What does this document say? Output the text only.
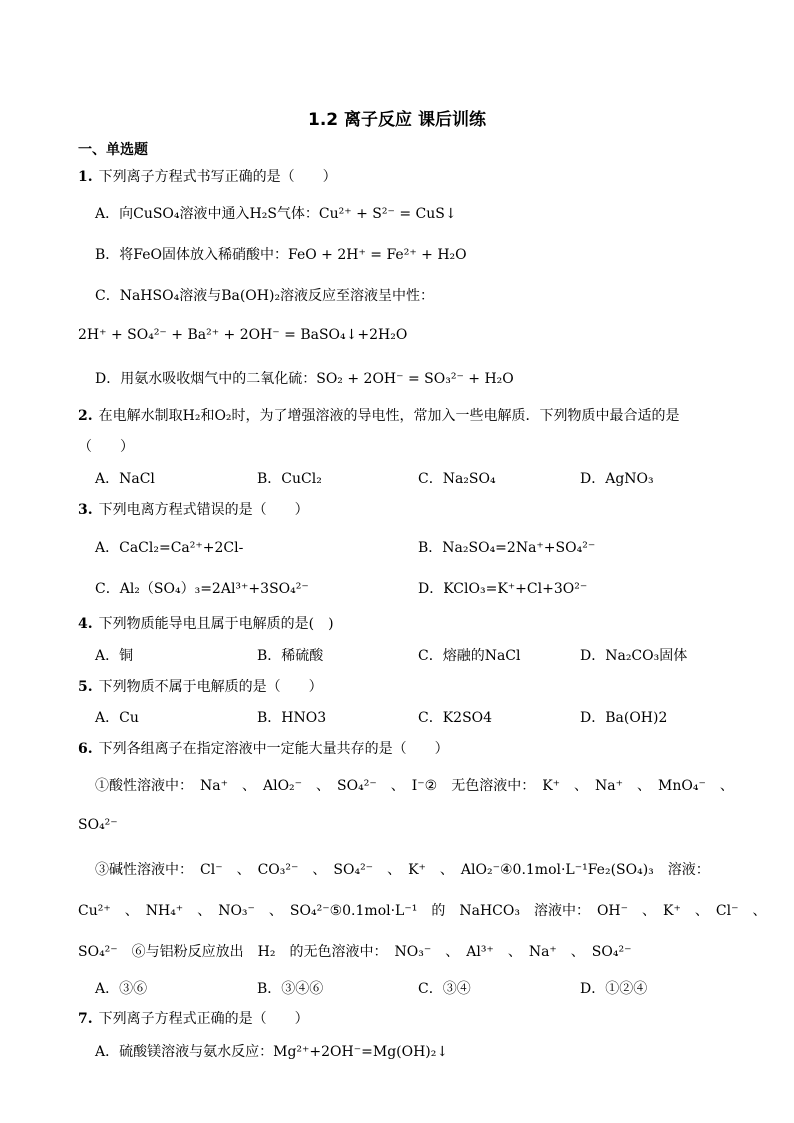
1.2 离子反应 课后训练
一、单选题
1. 下列离子方程式书写正确的是（　　）
A．向CuSO₄溶液中通入H₂S气体：Cu²⁺ + S²⁻ = CuS↓
B．将FeO固体放入稀硝酸中：FeO + 2H⁺ = Fe²⁺ + H₂O
C．NaHSO₄溶液与Ba(OH)₂溶液反应至溶液呈中性：
2H⁺ + SO₄²⁻ + Ba²⁺ + 2OH⁻ = BaSO₄↓+2H₂O
D．用氨水吸收烟气中的二氧化硫：SO₂ + 2OH⁻ = SO₃²⁻ + H₂O
2. 在电解水制取H₂和O₂时，为了增强溶液的导电性，常加入一些电解质．下列物质中最合适的是
（　　）
A．NaCl	B．CuCl₂	C．Na₂SO₄	D．AgNO₃
3. 下列电离方程式错误的是（　　）
A．CaCl₂=Ca²⁺+2Cl-	B．Na₂SO₄=2Na⁺+SO₄²⁻
C．Al₂（SO₄）₃=2Al³⁺+3SO₄²⁻	D．KClO₃=K⁺+Cl+3O²⁻
4. 下列物质能导电且属于电解质的是(　)
A．铜	B．稀硫酸	C．熔融的NaCl	D．Na₂CO₃固体
5. 下列物质不属于电解质的是（　　）
A．Cu	B．HNO3	C．K2SO4	D．Ba(OH)2
6. 下列各组离子在指定溶液中一定能大量共存的是（　　）
①酸性溶液中：　Na⁺　、　AlO₂⁻　、　SO₄²⁻　、　I⁻②　无色溶液中：　K⁺　、　Na⁺　、　MnO₄⁻　、
SO₄²⁻
③碱性溶液中：　Cl⁻　、　CO₃²⁻　、　SO₄²⁻　、　K⁺　、　AlO₂⁻④0.1mol·L⁻¹Fe₂(SO₄)₃　溶液：
Cu²⁺　、　NH₄⁺　、　NO₃⁻　、　SO₄²⁻⑤0.1mol·L⁻¹　的　NaHCO₃　溶液中：　OH⁻　、　K⁺　、　Cl⁻　、
SO₄²⁻　⑥与铝粉反应放出　H₂　的无色溶液中：　NO₃⁻　、　Al³⁺　、　Na⁺　、　SO₄²⁻
A．③⑥	B．③④⑥	C．③④	D．①②④
7. 下列离子方程式正确的是（　　）
A．硫酸镁溶液与氨水反应：Mg²⁺+2OH⁻=Mg(OH)₂↓
